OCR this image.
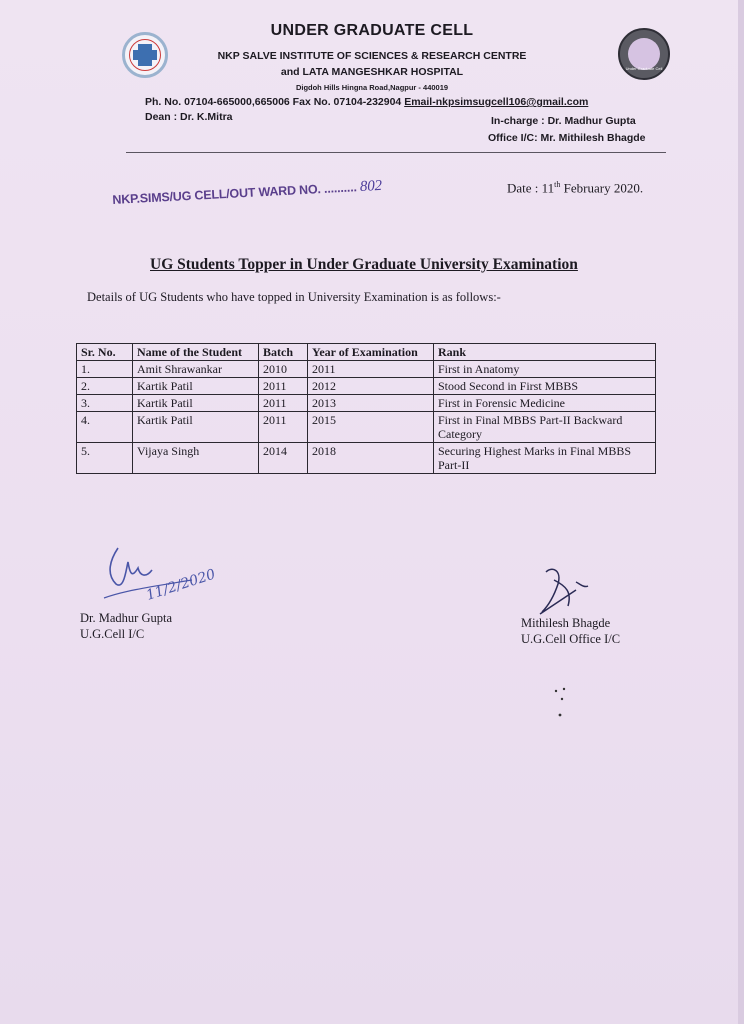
Under Graduate Cell
UNDER GRADUATE CELL
NKP SALVE INSTITUTE OF SCIENCES & RESEARCH CENTRE
and LATA MANGESHKAR HOSPITAL
Digdoh Hills Hingna Road,Nagpur - 440019
Ph. No. 07104-665000,665006 Fax No. 07104-232904 Email-nkpsimsugcell106@gmail.com
Dean : Dr. K.Mitra	In-charge : Dr. Madhur Gupta
Office I/C: Mr. Mithilesh Bhagde
NKP.SIMS/UG CELL/OUT WARD NO. .......... 802	Date : 11th February 2020.
UG Students Topper in Under Graduate University Examination
Details of UG Students who have topped in University Examination is as follows:-
Sr. No.	Name of the Student	Batch	Year of Examination	Rank
1.	Amit Shrawankar	2010	2011	First in Anatomy
2.	Kartik Patil	2011	2012	Stood Second in First MBBS
3.	Kartik Patil	2011	2013	First in Forensic Medicine
4.	Kartik Patil	2011	2015	First in Final MBBS Part-II Backward Category
5.	Vijaya Singh	2014	2018	Securing Highest Marks in Final MBBS Part-II
11/2/2020
Dr. Madhur Gupta
U.G.Cell I/C
Mithilesh Bhagde
U.G.Cell Office I/C
